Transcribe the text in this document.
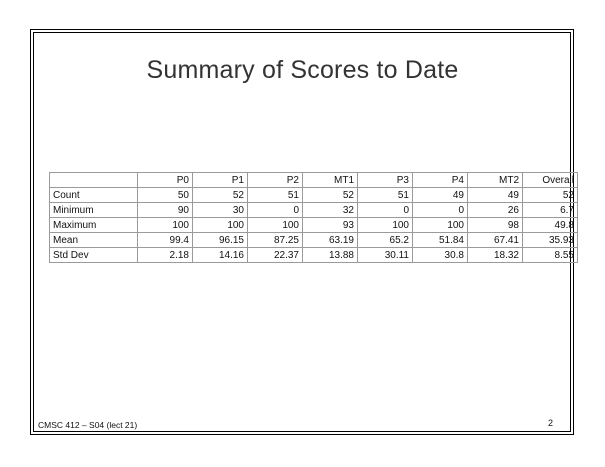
Summary of Scores to Date
	P0	P1	P2	MT1	P3	P4	MT2	Overall
Count	50	52	51	52	51	49	49	52
Minimum	90	30	0	32	0	0	26	6.7
Maximum	100	100	100	93	100	100	98	49.8
Mean	99.4	96.15	87.25	63.19	65.2	51.84	67.41	35.93
Std Dev	2.18	14.16	22.37	13.88	30.11	30.8	18.32	8.55
CMSC 412 – S04 (lect 21)	2
